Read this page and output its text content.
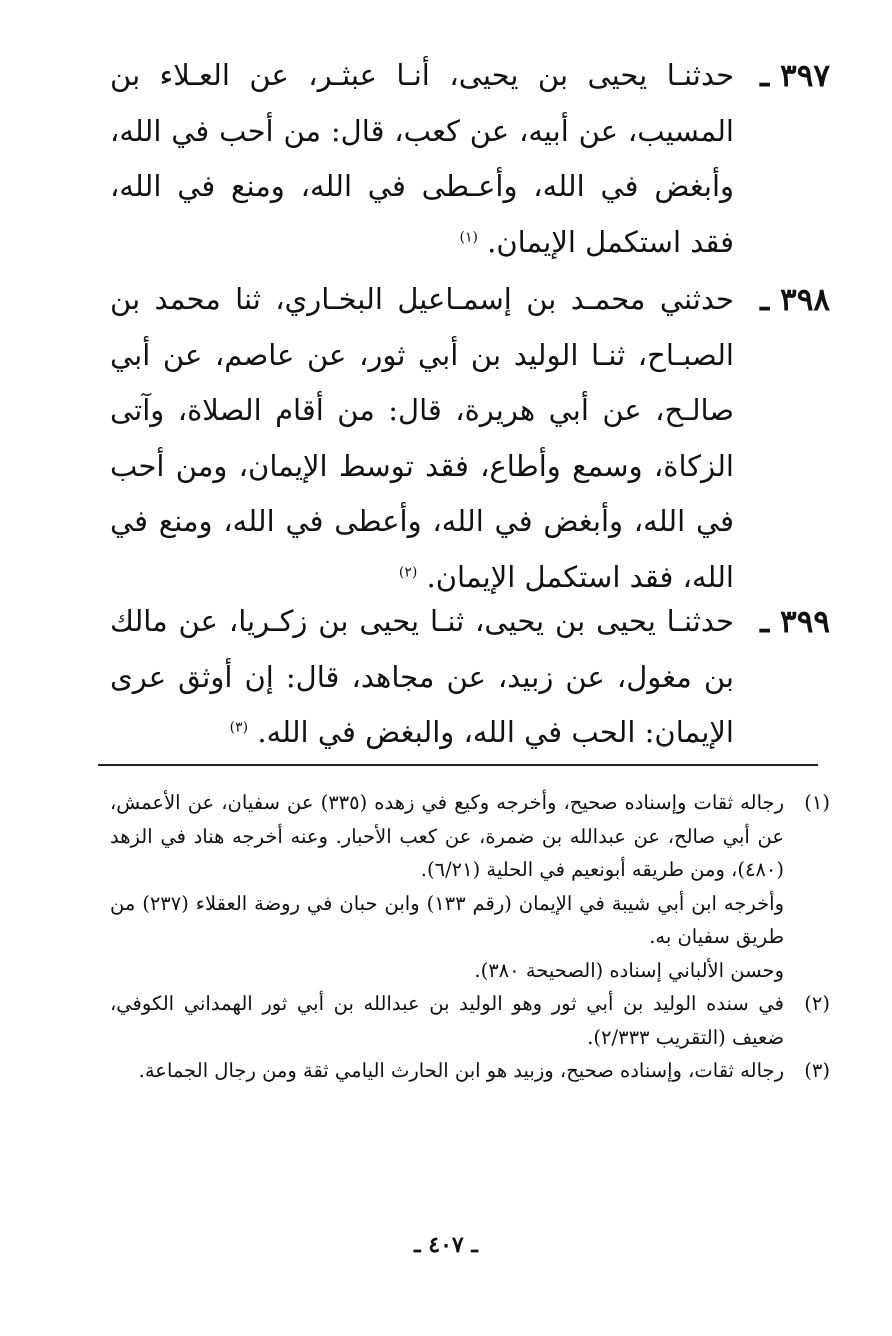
٣٩٧ ـ
حدثنـا يحيى بن يحيى، أنـا عبثـر، عن العـلاء بن المسيب، عن أبيه، عن كعب، قال: من أحب في الله، وأبغض في الله، وأعـطى في الله، ومنع في الله، فقد استكمل الإيمان. $^{(١)}$
٣٩٨ ـ
حدثني محمـد بن إسمـاعيل البخـاري، ثنا محمد بن الصبـاح، ثنـا الوليد بن أبي ثور، عن عاصم، عن أبي صالـح، عن أبي هريرة، قال: من أقام الصلاة، وآتى الزكاة، وسمع وأطاع، فقد توسط الإيمان، ومن أحب في الله، وأبغض في الله، وأعطى في الله، ومنع في الله، فقد استكمل الإيمان. $^{(٢)}$
٣٩٩ ـ
حدثنـا يحيى بن يحيى، ثنـا يحيى بن زكـريا، عن مالك بن مغول، عن زبيد، عن مجاهد، قال: إن أوثق عرى الإيمان: الحب في الله، والبغض في الله. $^{(٣)}$
(١)
رجاله ثقات وإسناده صحيح، وأخرجه وكيع في زهده (٣٣٥) عن سفيان، عن الأعمش، عن أبي صالح، عن عبدالله بن ضمرة، عن كعب الأحبار. وعنه أخرجه هناد في الزهد (٤٨٠)، ومن طريقه أبونعيم في الحلية (٦/٢١).
وأخرجه ابن أبي شيبة في الإيمان (رقم ١٣٣) وابن حبان في روضة العقلاء (٢٣٧) من طريق سفيان به.
وحسن الألباني إسناده (الصحيحة ٣٨٠).
(٢)
في سنده الوليد بن أبي ثور وهو الوليد بن عبدالله بن أبي ثور الهمداني الكوفي، ضعيف (التقريب ٢/٣٣٣).
(٣)
رجاله ثقات، وإسناده صحيح، وزبيد هو ابن الحارث اليامي ثقة ومن رجال الجماعة.
ـ ٤٠٧ ـ
